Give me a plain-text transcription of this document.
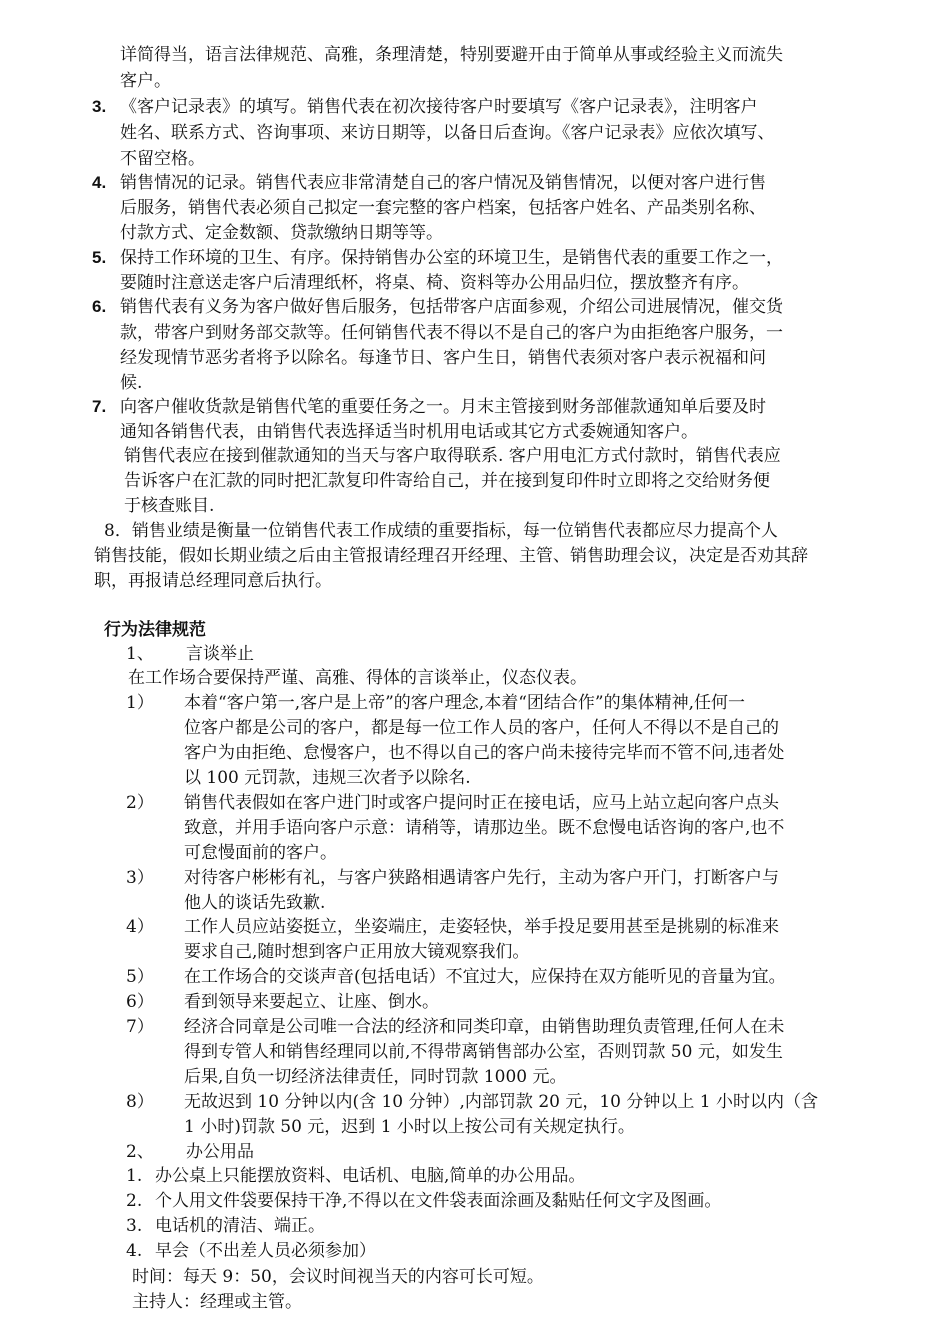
详简得当，语言法律规范、高雅，条理清楚，特别要避开由于简单从事或经验主义而流失
客户。
3. 《客户记录表》的填写。销售代表在初次接待客户时要填写《客户记录表》，注明客户
姓名、联系方式、咨询事项、来访日期等，以备日后查询。《客户记录表》应依次填写、
不留空格。
4. 销售情况的记录。销售代表应非常清楚自己的客户情况及销售情况，以便对客户进行售
后服务，销售代表必须自己拟定一套完整的客户档案，包括客户姓名、产品类别名称、
付款方式、定金数额、贷款缴纳日期等等。
5. 保持工作环境的卫生、有序。保持销售办公室的环境卫生，是销售代表的重要工作之一，
要随时注意送走客户后清理纸杯，将桌、椅、资料等办公用品归位，摆放整齐有序。
6. 销售代表有义务为客户做好售后服务，包括带客户店面参观，介绍公司进展情况，催交货
款，带客户到财务部交款等。任何销售代表不得以不是自己的客户为由拒绝客户服务，一
经发现情节恶劣者将予以除名。每逢节日、客户生日，销售代表须对客户表示祝福和问
候.
7. 向客户催收货款是销售代笔的重要任务之一。月末主管接到财务部催款通知单后要及时
通知各销售代表，由销售代表选择适当时机用电话或其它方式委婉通知客户。
销售代表应在接到催款通知的当天与客户取得联系. 客户用电汇方式付款时，销售代表应
告诉客户在汇款的同时把汇款复印件寄给自己，并在接到复印件时立即将之交给财务便
于核查账目.
8．销售业绩是衡量一位销售代表工作成绩的重要指标，每一位销售代表都应尽力提高个人
销售技能，假如长期业绩之后由主管报请经理召开经理、主管、销售助理会议，决定是否劝其辞
职，再报请总经理同意后执行。
行为法律规范
1、 言谈举止
在工作场合要保持严谨、高雅、得体的言谈举止，仪态仪表。
1） 本着“客户第一,客户是上帝”的客户理念,本着“团结合作”的集体精神,任何一
位客户都是公司的客户，都是每一位工作人员的客户，任何人不得以不是自己的
客户为由拒绝、怠慢客户，也不得以自己的客户尚未接待完毕而不管不问,违者处
以 100 元罚款，违规三次者予以除名.
2） 销售代表假如在客户进门时或客户提问时正在接电话，应马上站立起向客户点头
致意，并用手语向客户示意：请稍等，请那边坐。既不怠慢电话咨询的客户,也不
可怠慢面前的客户。
3） 对待客户彬彬有礼，与客户狭路相遇请客户先行，主动为客户开门，打断客户与
他人的谈话先致歉.
4） 工作人员应站姿挺立，坐姿端庄，走姿轻快，举手投足要用甚至是挑剔的标准来
要求自己,随时想到客户正用放大镜观察我们。
5） 在工作场合的交谈声音(包括电话）不宜过大，应保持在双方能听见的音量为宜。
6） 看到领导来要起立、让座、倒水。
7） 经济合同章是公司唯一合法的经济和同类印章，由销售助理负责管理,任何人在未
得到专管人和销售经理同以前,不得带离销售部办公室，否则罚款 50 元，如发生
后果,自负一切经济法律责任，同时罚款 1000 元。
8） 无故迟到 10 分钟以内(含 10 分钟）,内部罚款 20 元，10 分钟以上 1 小时以内（含
1 小时)罚款 50 元，迟到 1 小时以上按公司有关规定执行。
2、 办公用品
1. 办公桌上只能摆放资料、电话机、电脑,简单的办公用品。
2. 个人用文件袋要保持干净,不得以在文件袋表面涂画及黏贴任何文字及图画。
3. 电话机的清洁、端正。
4. 早会（不出差人员必须参加）
时间：每天 9：50，会议时间视当天的内容可长可短。
主持人：经理或主管。
